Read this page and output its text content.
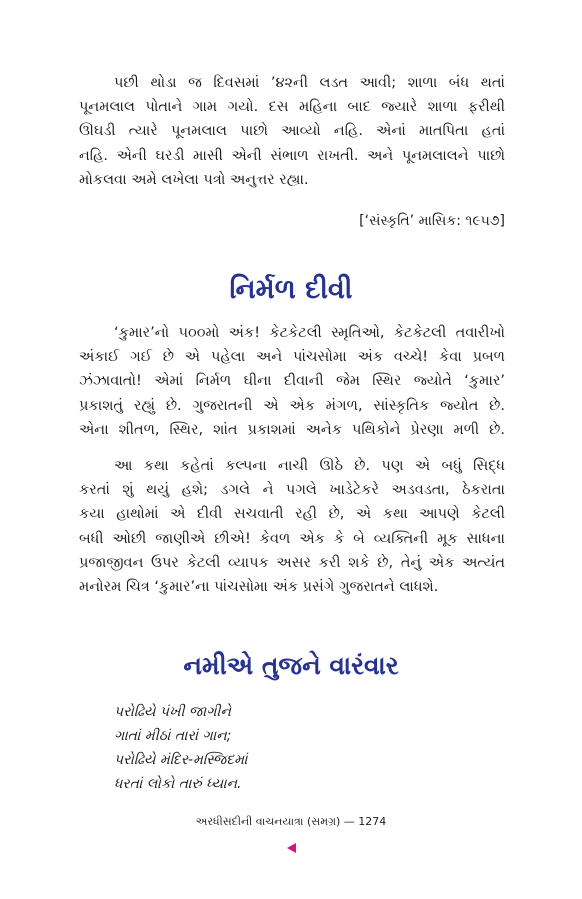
પછી થોડા જ દિવસમાં ’૪૨ની લડત આવી; શાળા બંધ થતાં
પૂનમલાલ પોતાને ગામ ગયો. દસ મહિના બાદ જ્યારે શાળા ફરીથી
ઊઘડી ત્યારે પૂનમલાલ પાછો આવ્યો નહિ. એનાં માતપિતા હતાં
નહિ. એની ઘરડી માસી એની સંભાળ રાખતી. અને પૂનમલાલને પાછો
મોકલવા અમે લખેલા પત્રો અનુત્તર રહ્યા.
[‘સંસ્કૃતિ’ માસિક: ૧૯૫૭]
નિર્મળ દીવી
‘કુમાર’નો ૫૦૦મો અંક! કેટકેટલી સ્મૃતિઓ, કેટકેટલી તવારીખો
અંકાઈ ગઈ છે એ પહેલા અને પાંચસોમા અંક વચ્ચે! કેવા પ્રબળ
ઝંઝાવાતો! એમાં નિર્મળ ઘીના દીવાની જેમ સ્થિર જ્યોતે ‘કુમાર’
પ્રકાશતું રહ્યું છે. ગુજરાતની એ એક મંગળ, સાંસ્કૃતિક જ્યોત છે.
એના શીતળ, સ્થિર, શાંત પ્રકાશમાં અનેક પથિકોને પ્રેરણા મળી છે.
આ કથા કહેતાં કલ્પના નાચી ઊઠે છે. પણ એ બધું સિદ્ધ
કરતાં શું થયું હશે; ડગલે ને પગલે ખાડેટેકરે અડવડતા, ઠેકરાતા
કયા હાથોમાં એ દીવી સચવાતી રહી છે, એ કથા આપણે કેટલી
બધી ઓછી જાણીએ છીએ! કેવળ એક કે બે વ્યક્તિની મૂક સાધના
પ્રજાજીવન ઉપર કેટલી વ્યાપક અસર કરી શકે છે, તેનું એક અત્યંત
મનોરમ ચિત્ર ‘કુમાર’ના પાંચસોમા અંક પ્રસંગે ગુજરાતને લાધશે.
નમીએ તુજને વારંવાર
પરોઢિયે પંખી જાગીને
ગાતાં મીઠાં તારાં ગાન;
પરોઢિયે મંદિર-મસ્જિદમાં
ધરતાં લોકો તારું ધ્યાન.
અરધીસદીની વાચનયાત્રા (સમગ્ર) — 1274
